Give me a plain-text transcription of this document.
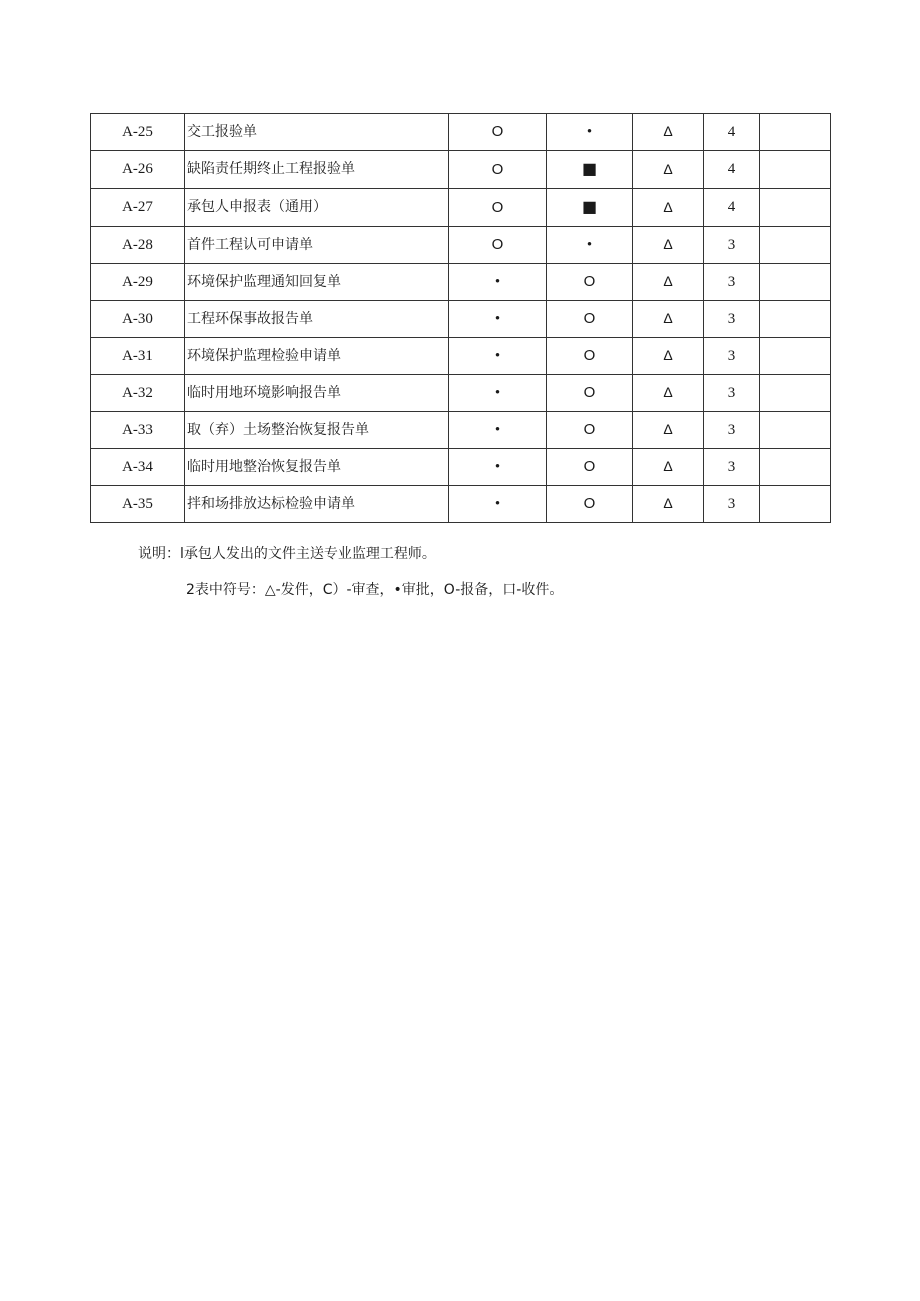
A-25	交工报验单	O	•	Δ	4	
A-26	缺陷责任期终止工程报验单	O	■	Δ	4	
A-27	承包人申报表（通用）	O	■	Δ	4	
A-28	首件工程认可申请单	O	•	Δ	3	
A-29	环境保护监理通知回复单	•	O	Δ	3	
A-30	工程环保事故报告单	•	O	Δ	3	
A-31	环境保护监理检验申请单	•	O	Δ	3	
A-32	临时用地环境影响报告单	•	O	Δ	3	
A-33	取（弃）土场整治恢复报告单	•	O	Δ	3	
A-34	临时用地整治恢复报告单	•	O	Δ	3	
A-35	拌和场排放达标检验申请单	•	O	Δ	3	
说明：l承包人发出的文件主送专业监理工程师。
2表中符号：△-发件，C）-审查，•审批，O-报备，口-收件。
